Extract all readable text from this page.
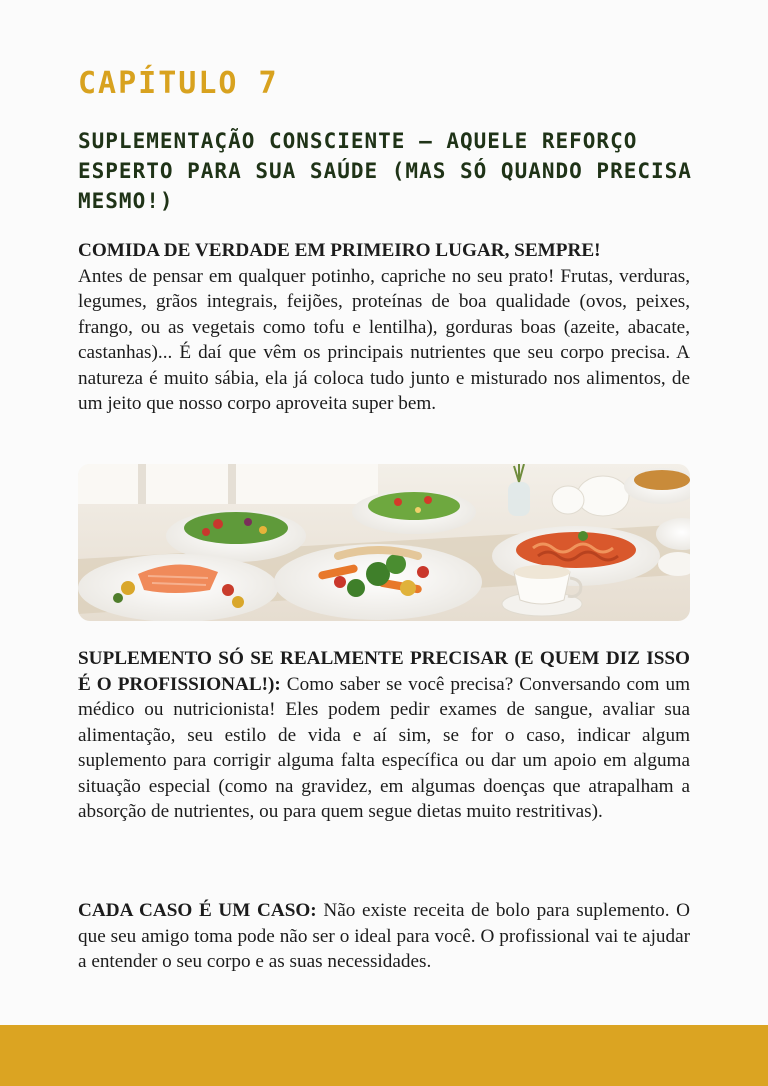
CAPÍTULO 7
SUPLEMENTAÇÃO CONSCIENTE – AQUELE REFORÇO ESPERTO PARA SUA SAÚDE (MAS SÓ QUANDO PRECISA MESMO!)

COMIDA DE VERDADE EM PRIMEIRO LUGAR, SEMPRE!
Antes de pensar em qualquer potinho, capriche no seu prato! Frutas, verduras, legumes, grãos integrais, feijões, proteínas de boa qualidade (ovos, peixes, frango, ou as vegetais como tofu e lentilha), gorduras boas (azeite, abacate, castanhas)... É daí que vêm os principais nutrientes que seu corpo precisa. A natureza é muito sábia, ela já coloca tudo junto e misturado nos alimentos, de um jeito que nosso corpo aproveita super bem.

SUPLEMENTO SÓ SE REALMENTE PRECISAR (E QUEM DIZ ISSO É O PROFISSIONAL!): Como saber se você precisa? Conversando com um médico ou nutricionista! Eles podem pedir exames de sangue, avaliar sua alimentação, seu estilo de vida e aí sim, se for o caso, indicar algum suplemento para corrigir alguma falta específica ou dar um apoio em alguma situação especial (como na gravidez, em algumas doenças que atrapalham a absorção de nutrientes, ou para quem segue dietas muito restritivas).

CADA CASO É UM CASO: Não existe receita de bolo para suplemento. O que seu amigo toma pode não ser o ideal para você. O profissional vai te ajudar a entender o seu corpo e as suas necessidades.
